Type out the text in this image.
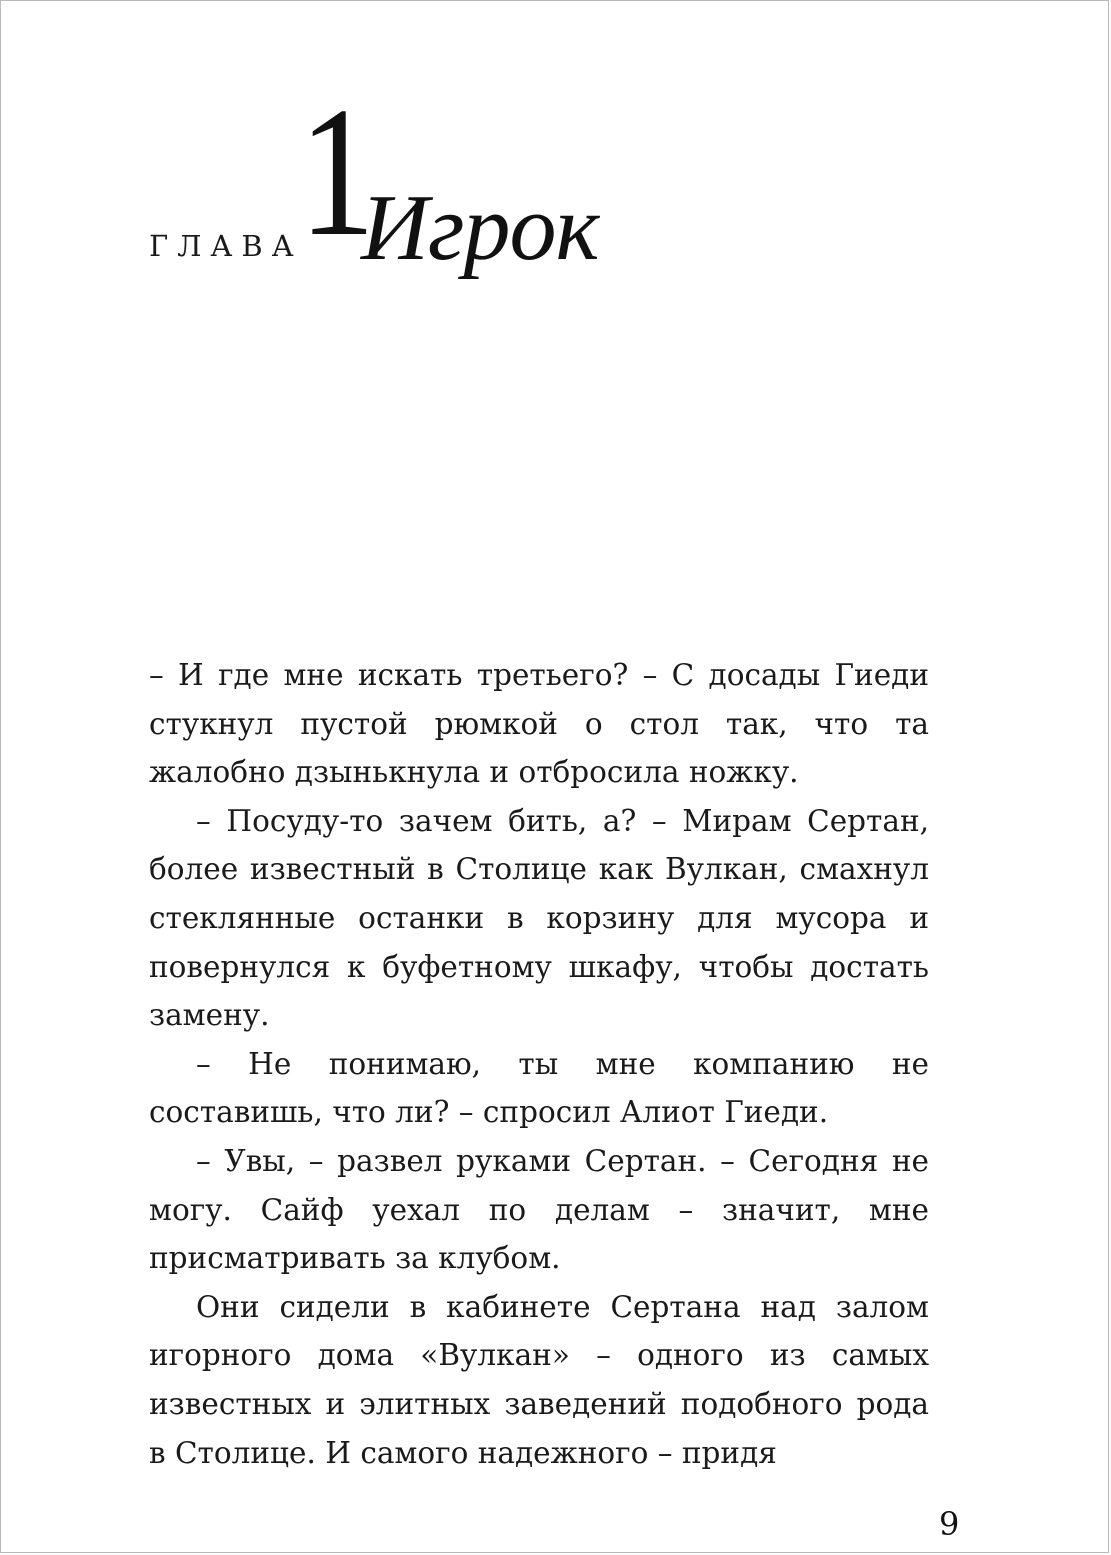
ГЛАВА
1
Игрок

– И где мне искать третьего? – С досады Гиеди стукнул пустой рюмкой о стол так, что та жалобно дзынькнула и отбросила ножку.

– Посуду-то зачем бить, а? – Мирам Сертан, более известный в Столице как Вулкан, смахнул стеклянные останки в корзину для мусора и повернулся к буфетному шкафу, чтобы достать замену.

– Не понимаю, ты мне компанию не составишь, что ли? – спросил Алиот Гиеди.

– Увы, – развел руками Сертан. – Сегодня не могу. Сайф уехал по делам – значит, мне присматривать за клубом.

Они сидели в кабинете Сертана над залом игорного дома «Вулкан» – одного из самых известных и элитных заведений подобного рода в Столице. И самого надежного – придя

9
